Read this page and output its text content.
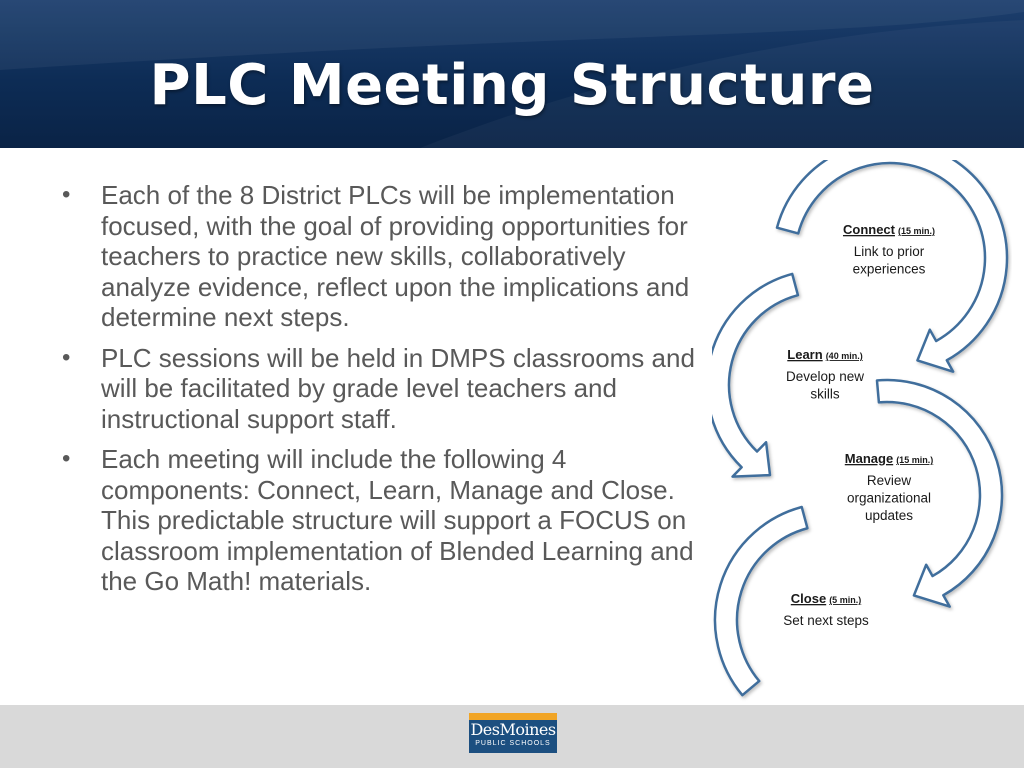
PLC Meeting Structure
• Each of the 8 District PLCs will be implementation focused, with the goal of providing opportunities for teachers to practice new skills, collaboratively analyze evidence, reflect upon the implications and determine next steps.
• PLC sessions will be held in DMPS classrooms and will be facilitated by grade level teachers and instructional support staff.
• Each meeting will include the following 4 components: Connect, Learn, Manage and Close. This predictable structure will support a FOCUS on classroom implementation of Blended Learning and the Go Math! materials.
Connect (15 min.)
Link to prior
experiences
Learn (40 min.)
Develop new
skills
Manage (15 min.)
Review
organizational
updates
Close (5 min.)
Set next steps
DesMoines
PUBLIC SCHOOLS
